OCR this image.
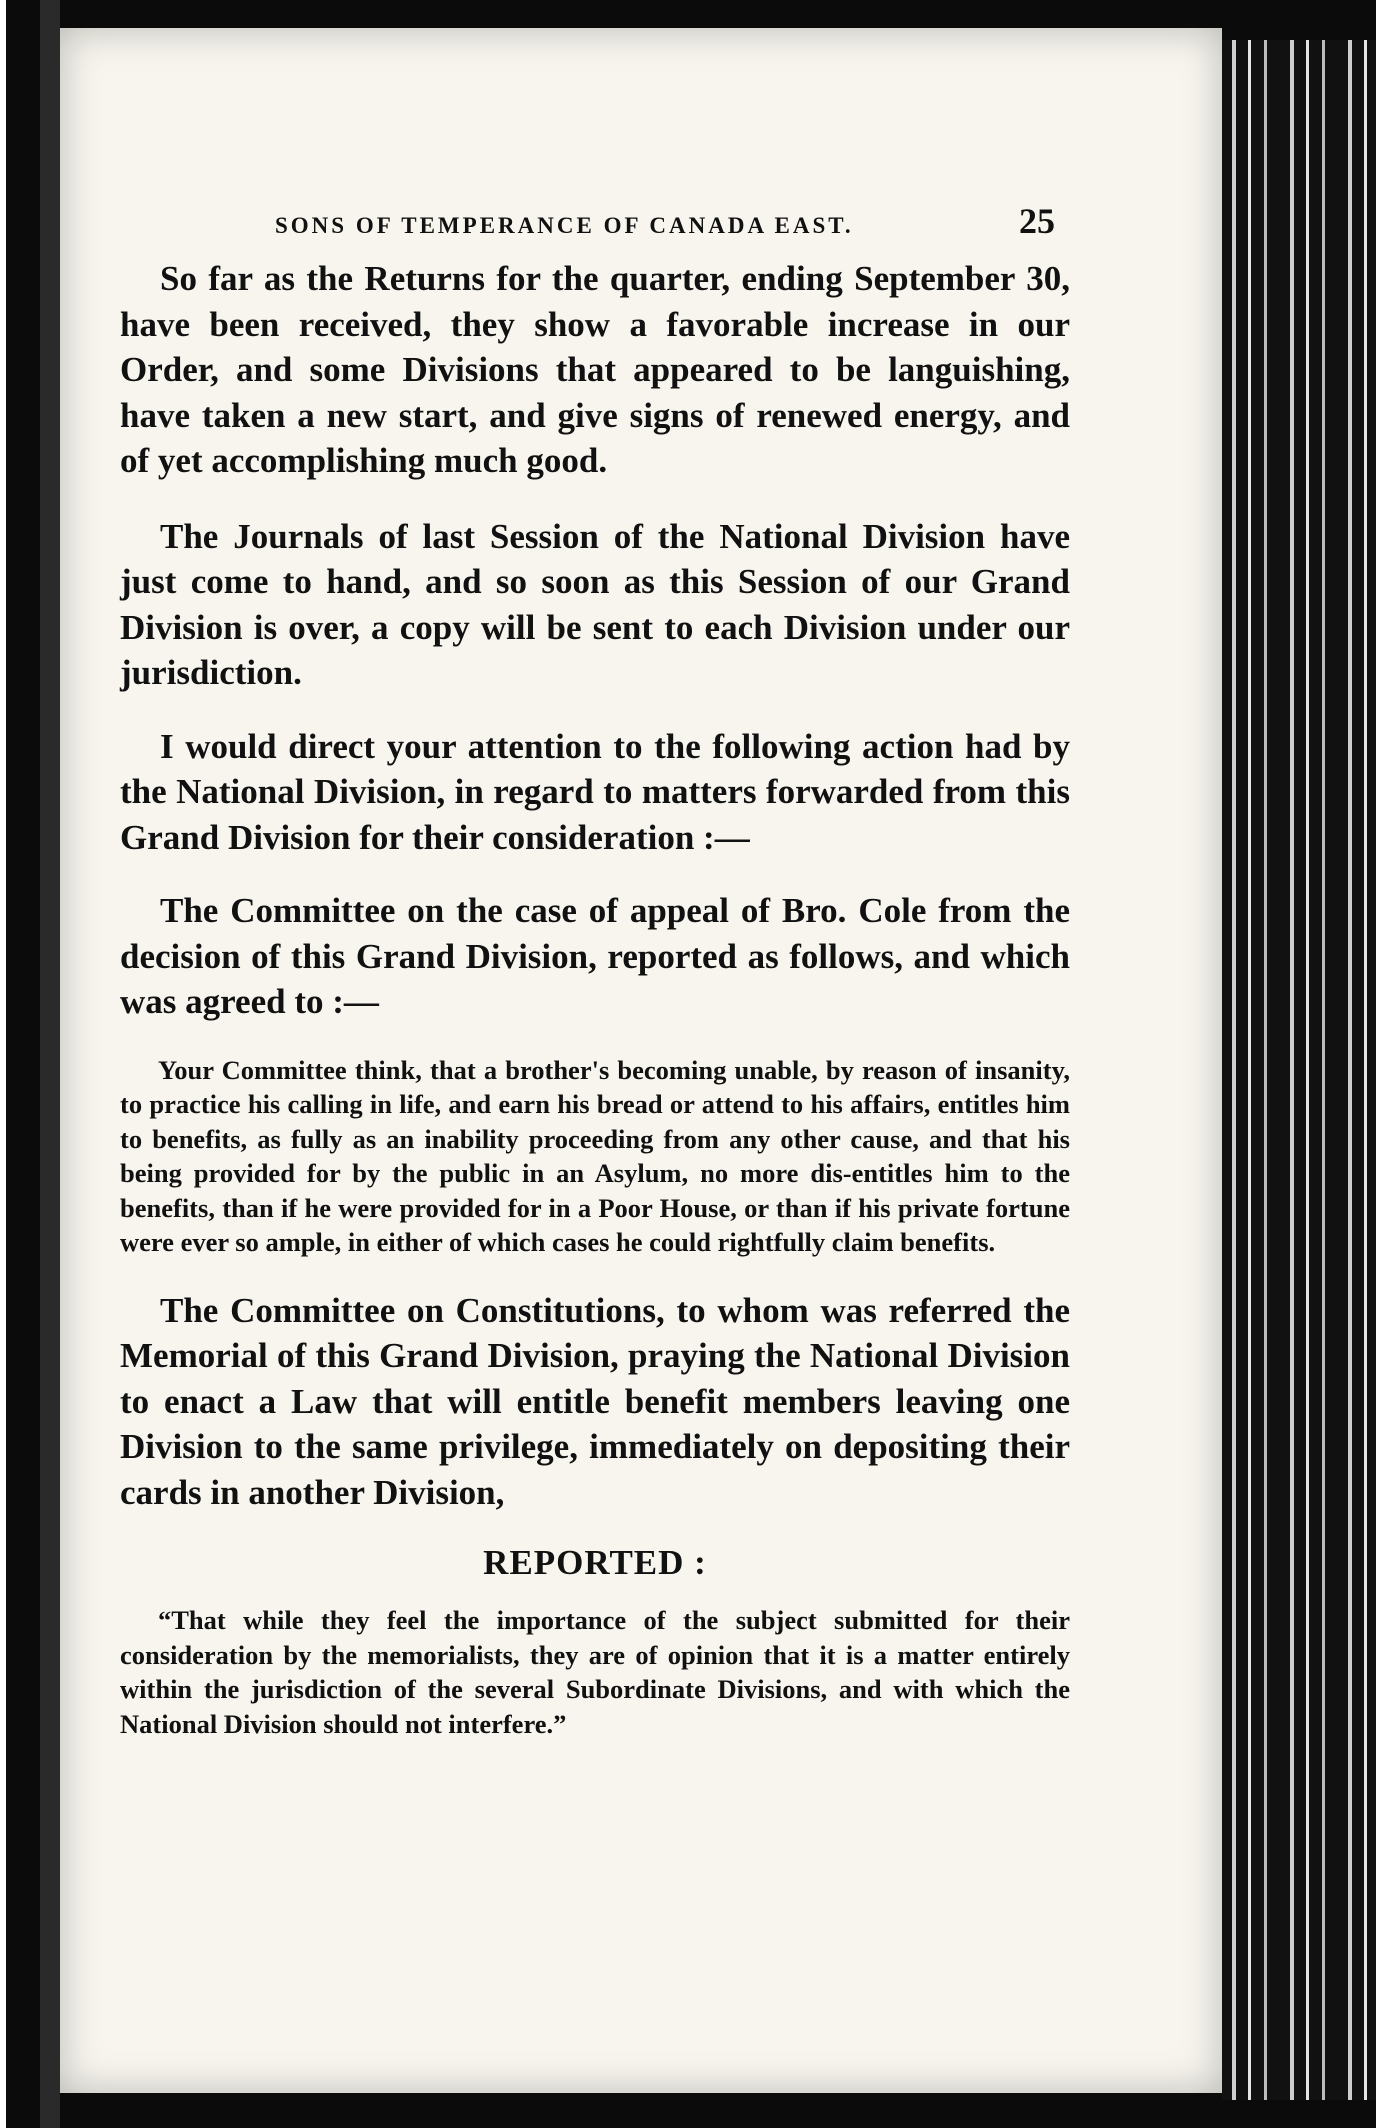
SONS OF TEMPERANCE OF CANADA EAST.	25

So far as the Returns for the quarter, ending September 30, have been received, they show a favorable increase in our Order, and some Divisions that appeared to be languishing, have taken a new start, and give signs of renewed energy, and of yet accomplishing much good.

The Journals of last Session of the National Division have just come to hand, and so soon as this Session of our Grand Division is over, a copy will be sent to each Division under our jurisdiction.

I would direct your attention to the following action had by the National Division, in regard to matters forwarded from this Grand Division for their consideration :—

The Committee on the case of appeal of Bro. Cole from the decision of this Grand Division, reported as follows, and which was agreed to :—

Your Committee think, that a brother's becoming unable, by reason of insanity, to practice his calling in life, and earn his bread or attend to his affairs, entitles him to benefits, as fully as an inability proceeding from any other cause, and that his being provided for by the public in an Asylum, no more dis-entitles him to the benefits, than if he were provided for in a Poor House, or than if his private fortune were ever so ample, in either of which cases he could rightfully claim benefits.

The Committee on Constitutions, to whom was referred the Memorial of this Grand Division, praying the National Division to enact a Law that will entitle benefit members leaving one Division to the same privilege, immediately on depositing their cards in another Division,

REPORTED :

“That while they feel the importance of the subject submitted for their consideration by the memorialists, they are of opinion that it is a matter entirely within the jurisdiction of the several Subordinate Divisions, and with which the National Division should not interfere.”
